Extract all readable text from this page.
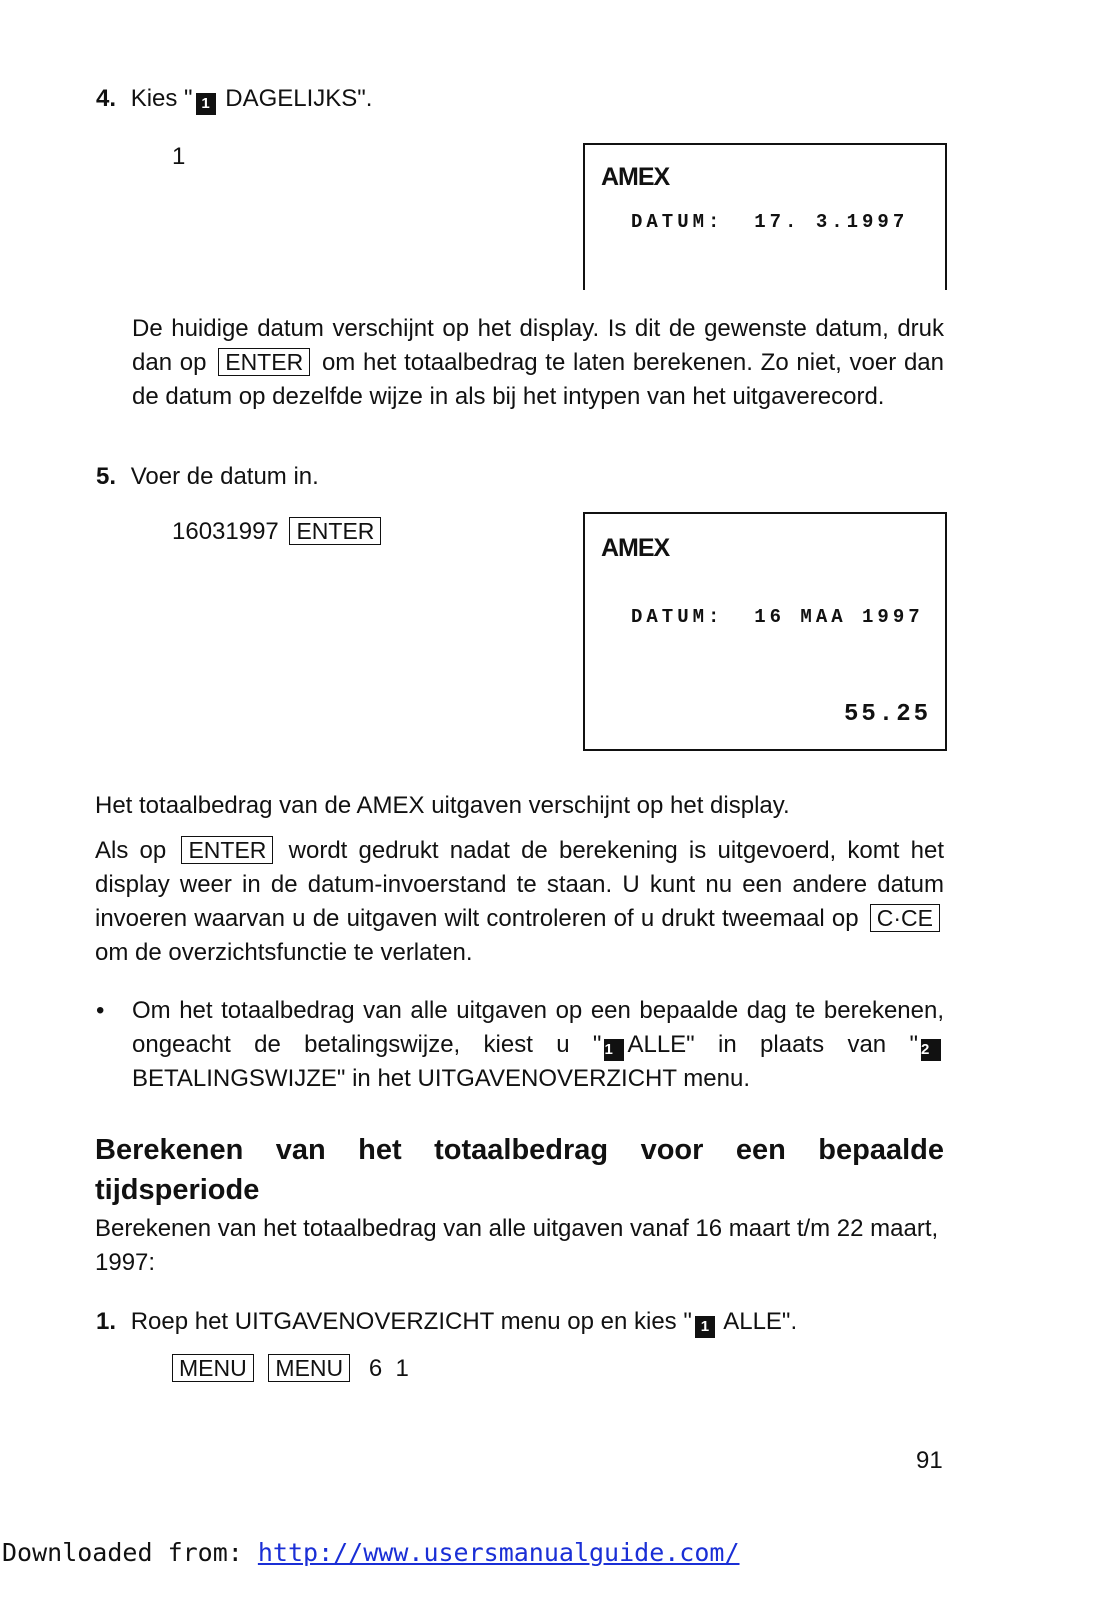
4. Kies " 1 DAGELIJKS".
1
AMEX
DATUM:  17. 3.1997
De huidige datum verschijnt op het display. Is dit de gewenste datum, druk dan op ENTER om het totaalbedrag te laten berekenen. Zo niet, voer dan de datum op dezelfde wijze in als bij het intypen van het uitgaverecord.
5. Voer de datum in.
16031997 ENTER
AMEX
DATUM:  16 MAA 1997
55.25
Het totaalbedrag van de AMEX uitgaven verschijnt op het display.
Als op ENTER wordt gedrukt nadat de berekening is uitgevoerd, komt het display weer in de datum-invoerstand te staan. U kunt nu een andere datum invoeren waarvan u de uitgaven wilt controleren of u drukt tweemaal op C·CE om de overzichtsfunctie te verlaten.
• Om het totaalbedrag van alle uitgaven op een bepaalde dag te berekenen, ongeacht de betalingswijze, kiest u " 1 ALLE" in plaats van " 2BETALINGSWIJZE" in het UITGAVENOVERZICHT menu.
Berekenen van het totaalbedrag voor een bepaalde tijdsperiode
Berekenen van het totaalbedrag van alle uitgaven vanaf 16 maart t/m 22 maart, 1997:
1. Roep het UITGAVENOVERZICHT menu op en kies " 1 ALLE".
MENU MENU 6  1
91
Downloaded from: http://www.usersmanualguide.com/
